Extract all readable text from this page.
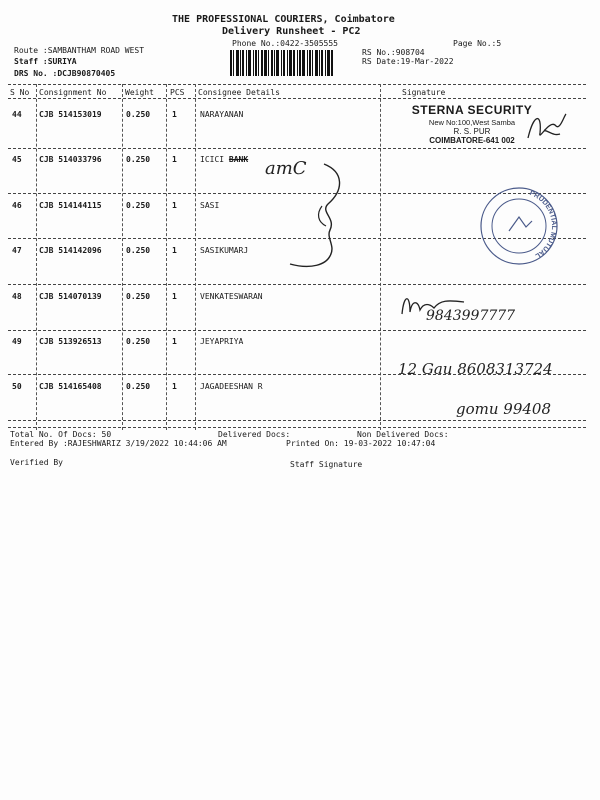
THE PROFESSIONAL COURIERS, Coimbatore
Delivery Runsheet - PC2
Phone No.:0422-3505555	Page No.:5
Route :SAMBANTHAM ROAD WEST
Staff :SURIYA
DRS No. :DCJB90870405
RS No.:908704
RS Date:19-Mar-2022
S No Consignment No Weight PCS Consignee Details	Signature
44 CJB 514153019	0.250	1	NARAYANAN
45 CJB 514033796	0.250	1	ICICI BANK
46 CJB 514144115	0.250	1	SASI
47 CJB 514142096	0.250	1	SASIKUMARJ
48 CJB 514070139	0.250	1	VENKATESWARAN
49 CJB 513926513	0.250	1	JEYAPRIYA
50 CJB 514165408	0.250	1	JAGADEESHAN R
STERNA SECURITY
New No:100,West Samba
R. S. PUR
COIMBATORE-641 002
amC
PRUDENTIAL MUTUAL
9843997777
12 Gau 8608313724
gomu 99408
Total No. Of Docs: 50	Delivered Docs:	Non Delivered Docs:
Entered By :RAJESHWARIZ 3/19/2022 10:44:06 AM	Printed On: 19-03-2022 10:47:04
Verified By	Staff Signature
